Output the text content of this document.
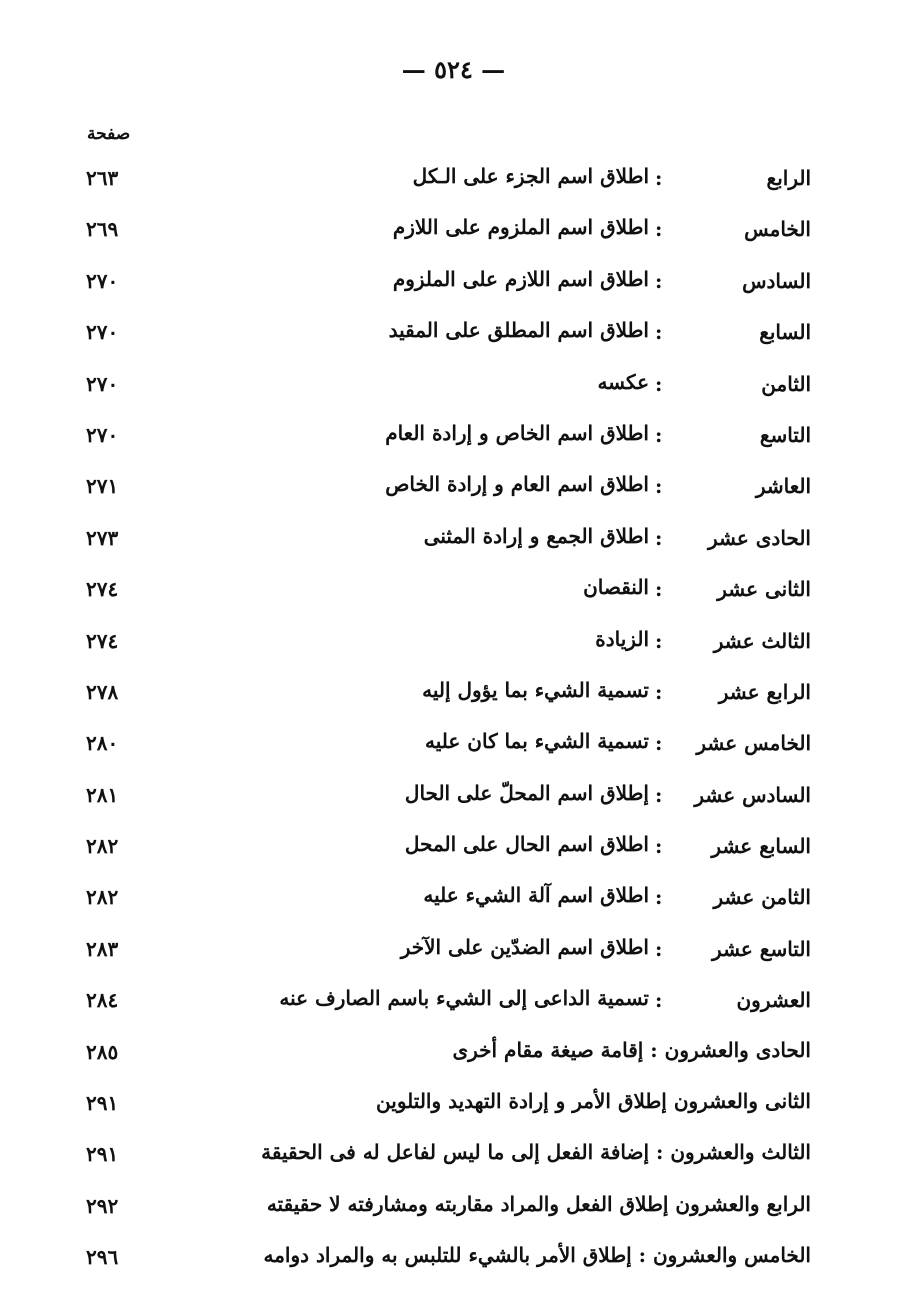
— ٥٢٤ —
صفحة
الرابع
:
اطلاق اسم الجزء على الـكل
٢٦٣
الخامس
:
اطلاق اسم الملزوم على اللازم
٢٦٩
السادس
:
اطلاق اسم اللازم على الملزوم
٢٧٠
السابع
:
اطلاق اسم المطلق على المقيد
٢٧٠
الثامن
:
عكسه
٢٧٠
التاسع
:
اطلاق اسم الخاص و إرادة العام
٢٧٠
العاشر
:
اطلاق اسم العام و إرادة الخاص
٢٧١
الحادى عشر
:
اطلاق الجمع و إرادة المثنى
٢٧٣
الثانى عشر
:
النقصان
٢٧٤
الثالث عشر
:
الزيادة
٢٧٤
الرابع عشر
:
تسمية الشيء بما يؤول إليه
٢٧٨
الخامس عشر
:
تسمية الشيء بما كان عليه
٢٨٠
السادس عشر
:
إطلاق اسم المحلّ على الحال
٢٨١
السابع عشر
:
اطلاق اسم الحال على المحل
٢٨٢
الثامن عشر
:
اطلاق اسم آلة الشيء عليه
٢٨٢
التاسع عشر
:
اطلاق اسم الضدّين على الآخر
٢٨٣
العشرون
:
تسمية الداعى إلى الشيء باسم الصارف عنه
٢٨٤
الحادى والعشرون : إقامة صيغة مقام أخرى
٢٨٥
الثانى والعشرون إطلاق الأمر و إرادة التهديد والتلوين
٢٩١
الثالث والعشرون : إضافة الفعل إلى ما ليس لفاعل له فى الحقيقة
٢٩١
الرابع والعشرون إطلاق الفعل والمراد مقاربته ومشارفته لا حقيقته
٢٩٢
الخامس والعشرون : إطلاق الأمر بالشيء للتلبس به والمراد دوامه
٢٩٦
